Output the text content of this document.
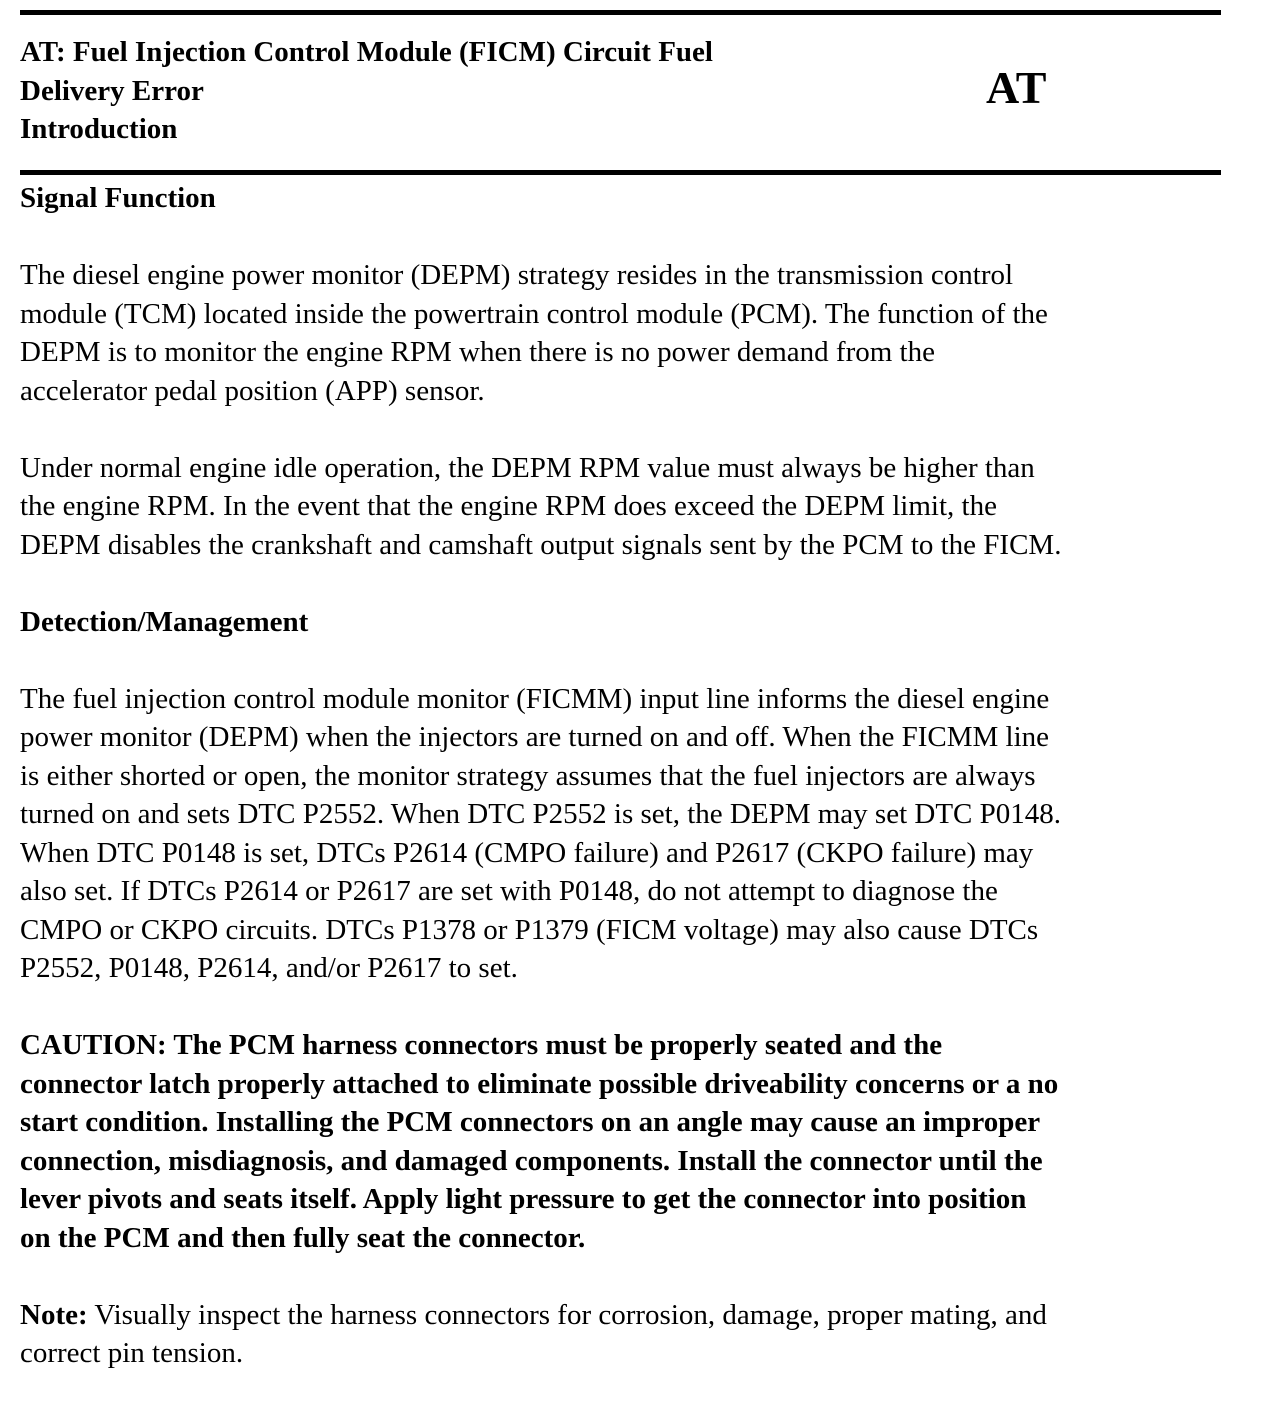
AT: Fuel Injection Control Module (FICM) Circuit Fuel
Delivery Error
Introduction
AT
Signal Function

The diesel engine power monitor (DEPM) strategy resides in the transmission control
module (TCM) located inside the powertrain control module (PCM). The function of the
DEPM is to monitor the engine RPM when there is no power demand from the
accelerator pedal position (APP) sensor.

Under normal engine idle operation, the DEPM RPM value must always be higher than
the engine RPM. In the event that the engine RPM does exceed the DEPM limit, the
DEPM disables the crankshaft and camshaft output signals sent by the PCM to the FICM.

Detection/Management

The fuel injection control module monitor (FICMM) input line informs the diesel engine
power monitor (DEPM) when the injectors are turned on and off. When the FICMM line
is either shorted or open, the monitor strategy assumes that the fuel injectors are always
turned on and sets DTC P2552. When DTC P2552 is set, the DEPM may set DTC P0148.
When DTC P0148 is set, DTCs P2614 (CMPO failure) and P2617 (CKPO failure) may
also set. If DTCs P2614 or P2617 are set with P0148, do not attempt to diagnose the
CMPO or CKPO circuits. DTCs P1378 or P1379 (FICM voltage) may also cause DTCs
P2552, P0148, P2614, and/or P2617 to set.

CAUTION: The PCM harness connectors must be properly seated and the
connector latch properly attached to eliminate possible driveability concerns or a no
start condition. Installing the PCM connectors on an angle may cause an improper
connection, misdiagnosis, and damaged components. Install the connector until the
lever pivots and seats itself. Apply light pressure to get the connector into position
on the PCM and then fully seat the connector.

Note: Visually inspect the harness connectors for corrosion, damage, proper mating, and
correct pin tension.
